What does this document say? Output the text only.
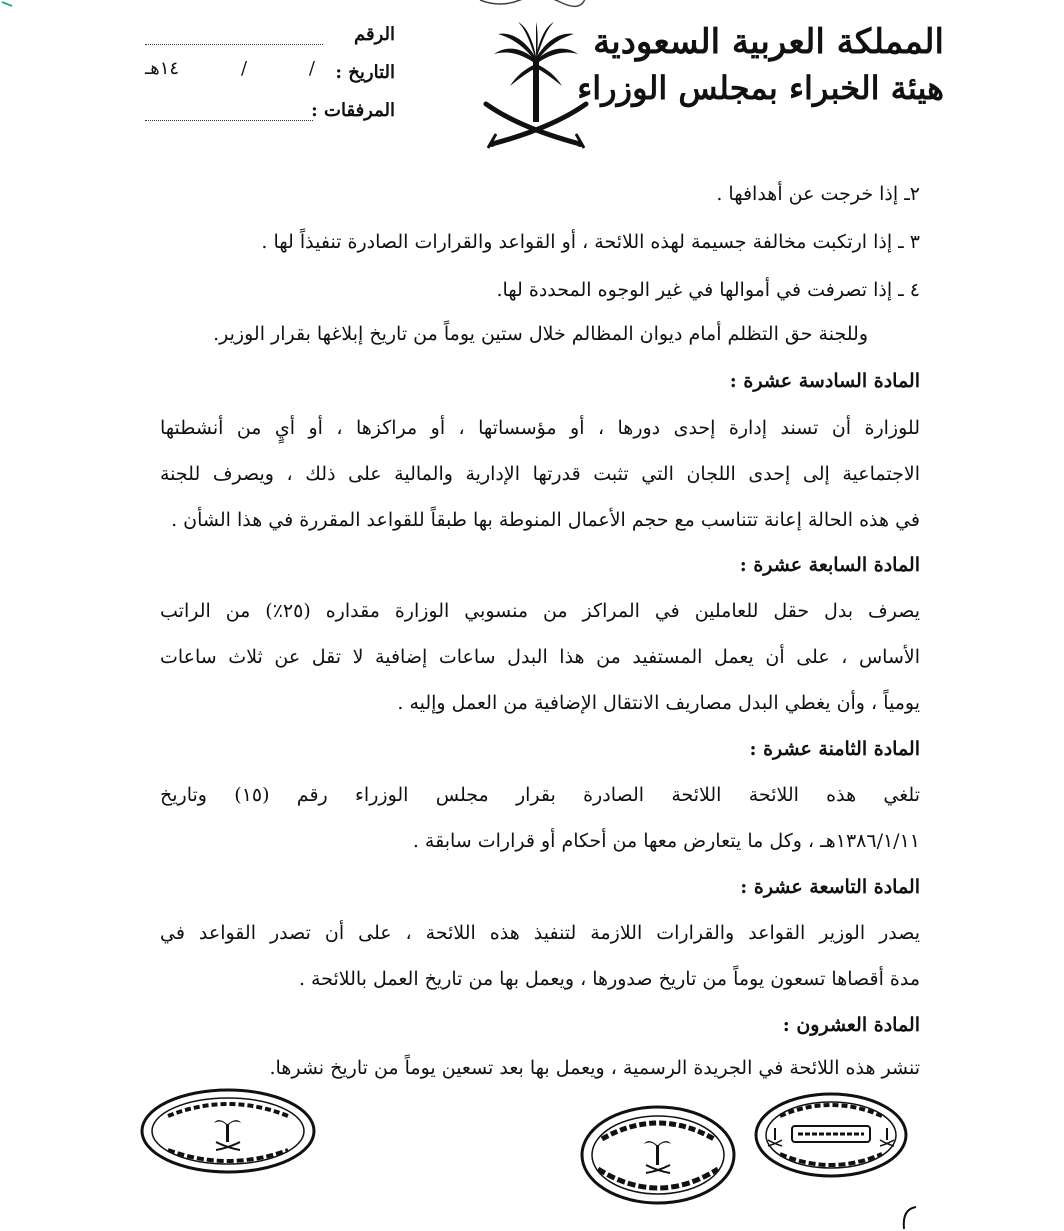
المملكة العربية السعودية
هيئة الخبراء بمجلس الوزراء
الرقم
التاريخ :
١٤هـ	/	/
المرفقات :
٢ـ إذا خرجت عن أهدافها .
٣ ـ إذا ارتكبت مخالفة جسيمة لهذه اللائحة ، أو القواعد والقرارات الصادرة تنفيذاً لها .
٤ ـ إذا تصرفت في أموالها في غير الوجوه المحددة لها.
وللجنة حق التظلم أمام ديوان المظالم خلال ستين يوماً من تاريخ إبلاغها بقرار الوزير.
المادة السادسة عشرة :
للوزارة أن تسند إدارة إحدى دورها ، أو مؤسساتها ، أو مراكزها ، أو أيٍ من أنشطتها
الاجتماعية إلى إحدى اللجان التي تثبت قدرتها الإدارية والمالية على ذلك ، ويصرف للجنة
في هذه الحالة إعانة تتناسب مع حجم الأعمال المنوطة بها طبقاً للقواعد المقررة في هذا الشأن .
المادة السابعة عشرة :
يصرف بدل حقل للعاملين في المراكز من منسوبي الوزارة مقداره (٢٥٪) من الراتب
الأساس ، على أن يعمل المستفيد من هذا البدل ساعات إضافية لا تقل عن ثلاث ساعات
يومياً ، وأن يغطي البدل مصاريف الانتقال الإضافية من العمل وإليه .
المادة الثامنة عشرة :
تلغي هذه اللائحة اللائحة الصادرة بقرار مجلس الوزراء رقم (١٥) وتاريخ
١٣٨٦/١/١١هـ ، وكل ما يتعارض معها من أحكام أو قرارات سابقة .
المادة التاسعة عشرة :
يصدر الوزير القواعد والقرارات اللازمة لتنفيذ هذه اللائحة ، على أن تصدر القواعد في
مدة أقصاها تسعون يوماً من تاريخ صدورها ، ويعمل بها من تاريخ العمل باللائحة .
المادة العشرون :
تنشر هذه اللائحة في الجريدة الرسمية ، ويعمل بها بعد تسعين يوماً من تاريخ نشرها.
